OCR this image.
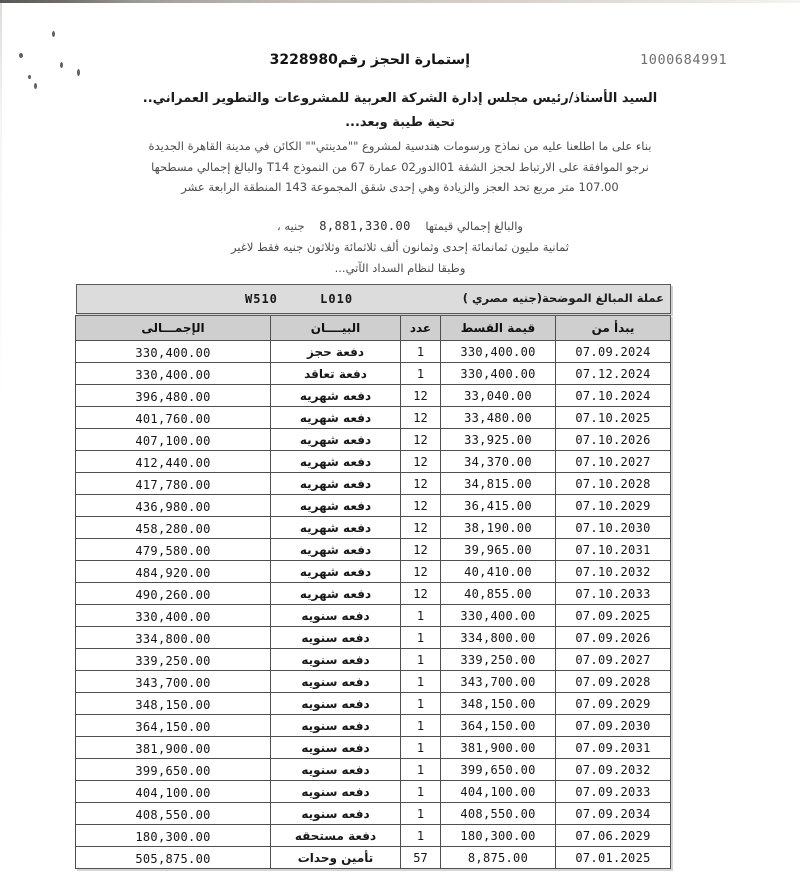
1000684991
إستمارة الحجز رقم3228980
السيد الأستاذ/رئيس مجلس إدارة الشركة العربية للمشروعات والتطوير العمراني..
تحية طيبة وبعد...
بناء على ما اطلعنا عليه من نماذج ورسومات هندسية لمشروع ""مدينتي"" الكائن في مدينة القاهرة الجديدة
نرجو الموافقة على الارتباط لحجز الشقة 01الدور02 عمارة 67 من النموذج T14 والبالغ إجمالي مسطحها
107.00 متر مربع تحد العجز والزيادة وهي إحدى شقق المجموعة 143 المنطقة الرابعة عشر
والبالغ إجمالي قيمتها    8,881,330.00    جنيه ،
ثمانية مليون ثمانمائة إحدى وثمانون ألف ثلاثمائة وثلاثون جنيه فقط لاغير
وطبقا لنظام السداد الآتي...
عملة المبالغ الموضحة(جنيه مصري )
W510	L010
يبدأ من	قيمة القسط	عدد	البيــــان	الإجمـــالى
07.09.2024	330,400.00	1	دفعة حجز	330,400.00
07.12.2024	330,400.00	1	دفعة تعاقد	330,400.00
07.10.2024	33,040.00	12	دفعه شهريه	396,480.00
07.10.2025	33,480.00	12	دفعه شهريه	401,760.00
07.10.2026	33,925.00	12	دفعه شهريه	407,100.00
07.10.2027	34,370.00	12	دفعه شهريه	412,440.00
07.10.2028	34,815.00	12	دفعه شهريه	417,780.00
07.10.2029	36,415.00	12	دفعه شهريه	436,980.00
07.10.2030	38,190.00	12	دفعه شهريه	458,280.00
07.10.2031	39,965.00	12	دفعه شهريه	479,580.00
07.10.2032	40,410.00	12	دفعه شهريه	484,920.00
07.10.2033	40,855.00	12	دفعه شهريه	490,260.00
07.09.2025	330,400.00	1	دفعه سنويه	330,400.00
07.09.2026	334,800.00	1	دفعه سنويه	334,800.00
07.09.2027	339,250.00	1	دفعه سنويه	339,250.00
07.09.2028	343,700.00	1	دفعه سنويه	343,700.00
07.09.2029	348,150.00	1	دفعه سنويه	348,150.00
07.09.2030	364,150.00	1	دفعه سنويه	364,150.00
07.09.2031	381,900.00	1	دفعه سنويه	381,900.00
07.09.2032	399,650.00	1	دفعه سنويه	399,650.00
07.09.2033	404,100.00	1	دفعه سنويه	404,100.00
07.09.2034	408,550.00	1	دفعه سنويه	408,550.00
07.06.2029	180,300.00	1	دفعة مستحقه	180,300.00
07.01.2025	8,875.00	57	تأمين وحدات	505,875.00
